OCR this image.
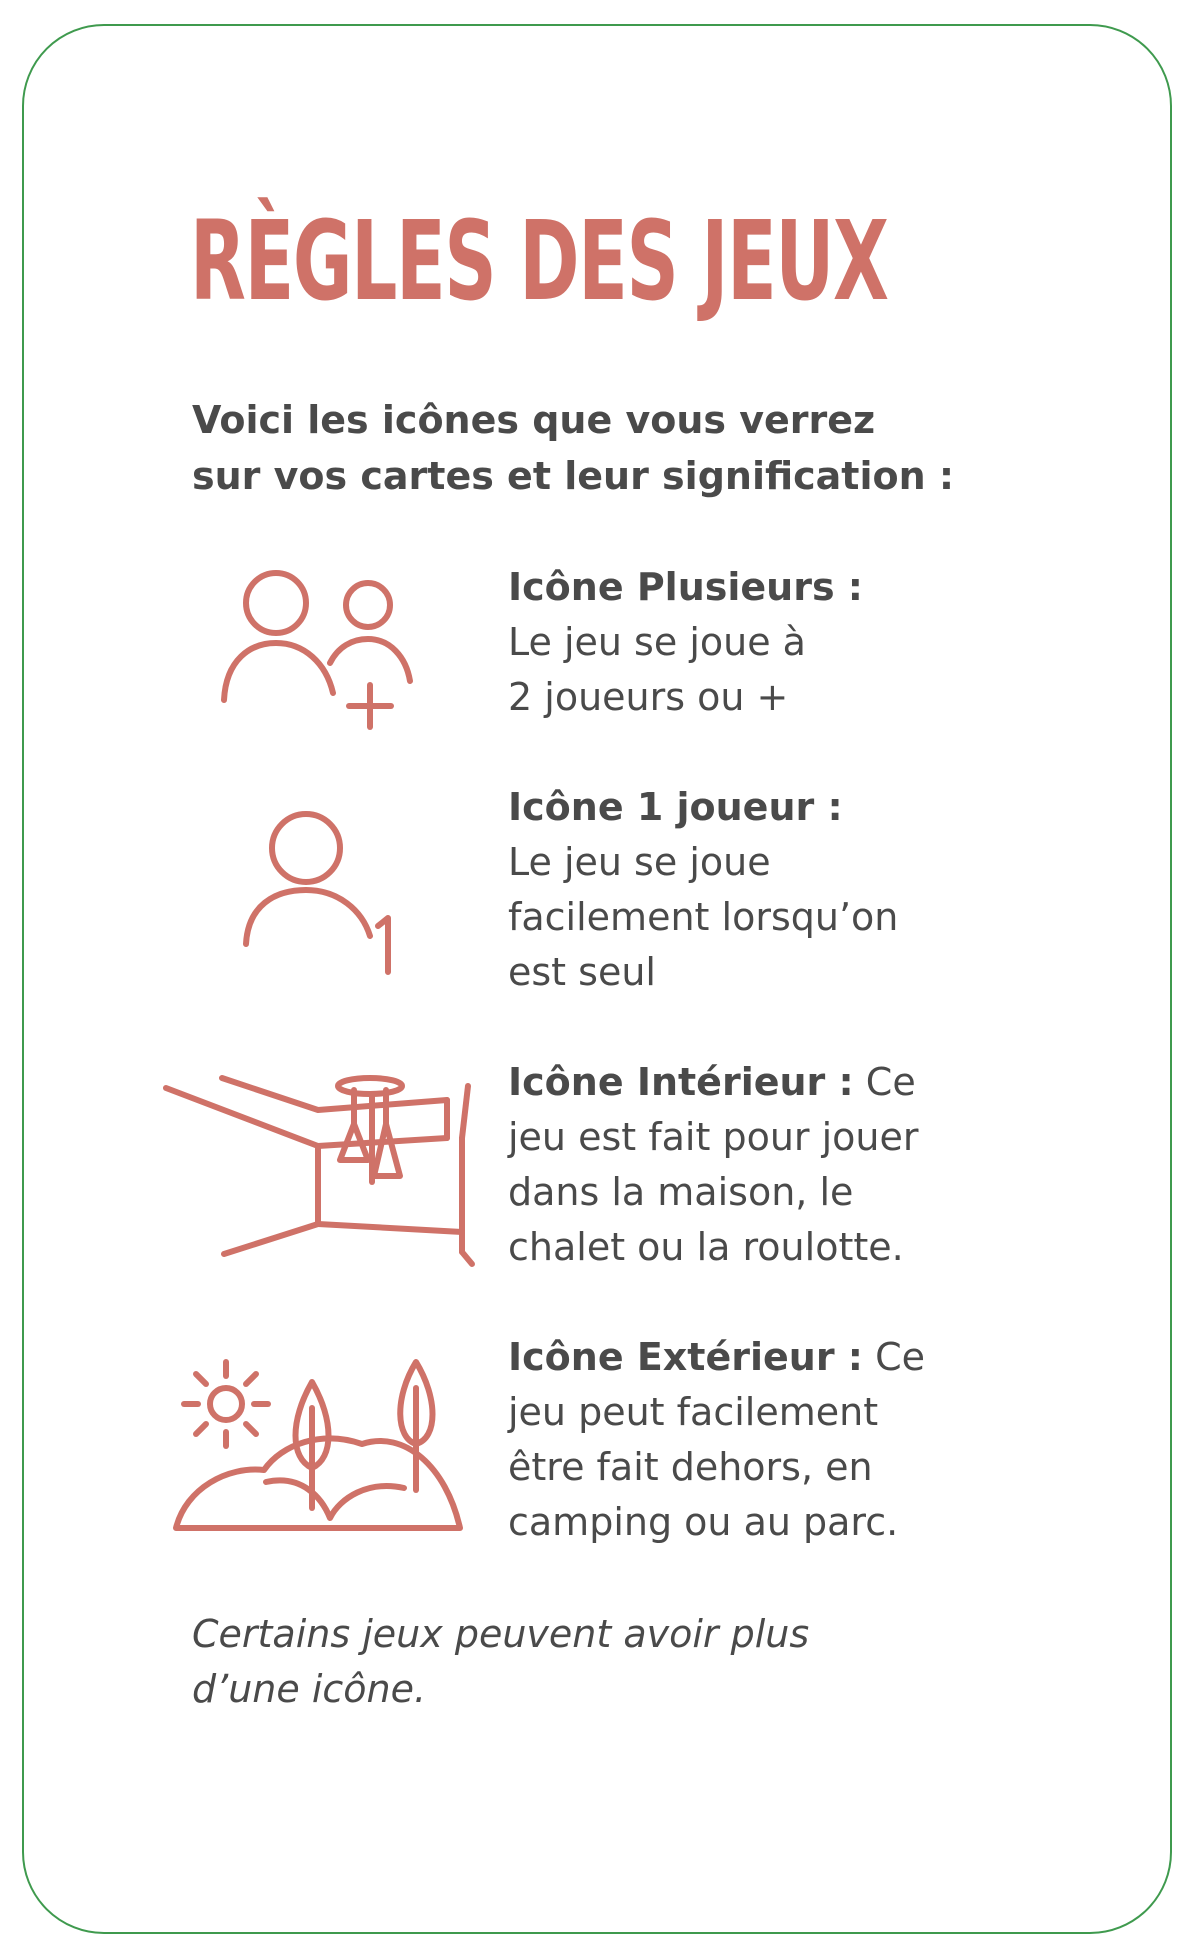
RÈGLES DES JEUX

Voici les icônes que vous verrez
sur vos cartes et leur signification :

Icône Plusieurs :
Le jeu se joue à
2 joueurs ou +

Icône 1 joueur :
Le jeu se joue
facilement lorsqu’on
est seul

Icône Intérieur : Ce
jeu est fait pour jouer
dans la maison, le
chalet ou la roulotte.

Icône Extérieur : Ce
jeu peut facilement
être fait dehors, en
camping ou au parc.

Certains jeux peuvent avoir plus
d’une icône.
